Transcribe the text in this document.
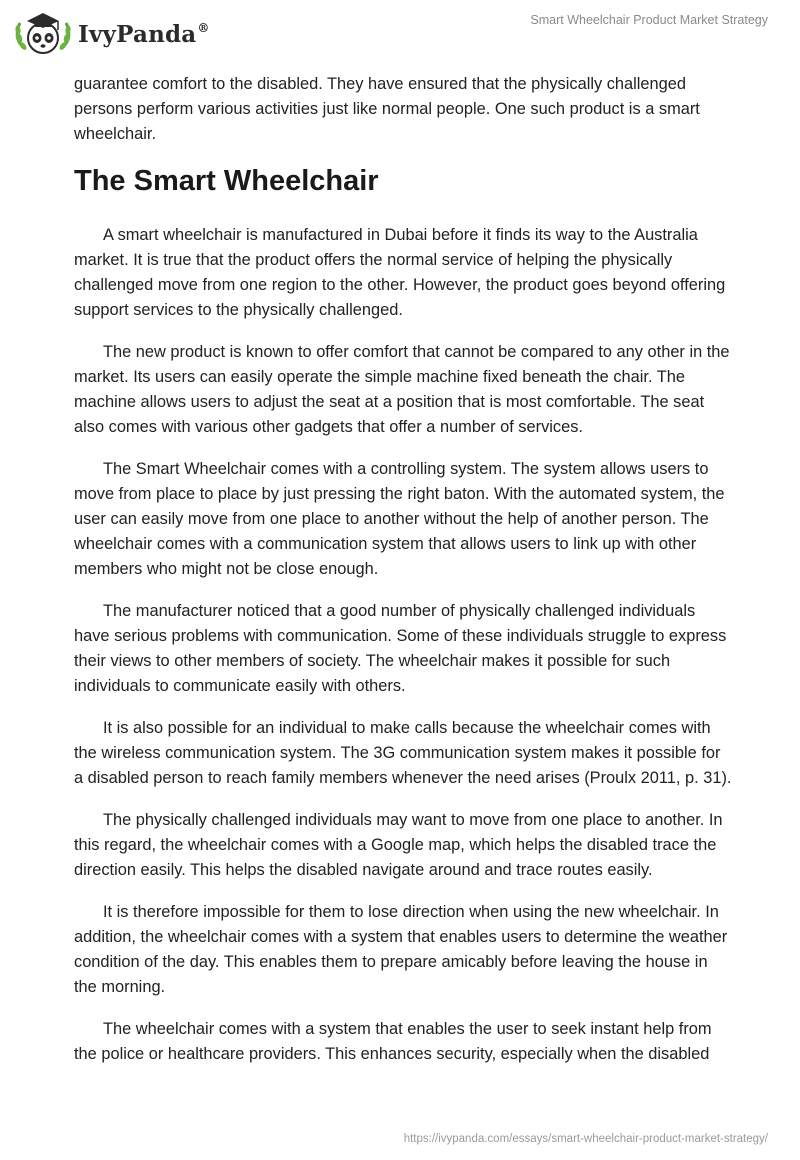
IvyPanda®
Smart Wheelchair Product Market Strategy

guarantee comfort to the disabled. They have ensured that the physically challenged persons perform various activities just like normal people. One such product is a smart wheelchair.

The Smart Wheelchair

A smart wheelchair is manufactured in Dubai before it finds its way to the Australia market. It is true that the product offers the normal service of helping the physically challenged move from one region to the other. However, the product goes beyond offering support services to the physically challenged.

The new product is known to offer comfort that cannot be compared to any other in the market. Its users can easily operate the simple machine fixed beneath the chair. The machine allows users to adjust the seat at a position that is most comfortable. The seat also comes with various other gadgets that offer a number of services.

The Smart Wheelchair comes with a controlling system. The system allows users to move from place to place by just pressing the right baton. With the automated system, the user can easily move from one place to another without the help of another person. The wheelchair comes with a communication system that allows users to link up with other members who might not be close enough.

The manufacturer noticed that a good number of physically challenged individuals have serious problems with communication. Some of these individuals struggle to express their views to other members of society. The wheelchair makes it possible for such individuals to communicate easily with others.

It is also possible for an individual to make calls because the wheelchair comes with the wireless communication system. The 3G communication system makes it possible for a disabled person to reach family members whenever the need arises (Proulx 2011, p. 31).

The physically challenged individuals may want to move from one place to another. In this regard, the wheelchair comes with a Google map, which helps the disabled trace the direction easily. This helps the disabled navigate around and trace routes easily.

It is therefore impossible for them to lose direction when using the new wheelchair. In addition, the wheelchair comes with a system that enables users to determine the weather condition of the day. This enables them to prepare amicably before leaving the house in the morning.

The wheelchair comes with a system that enables the user to seek instant help from the police or healthcare providers. This enhances security, especially when the disabled

https://ivypanda.com/essays/smart-wheelchair-product-market-strategy/
